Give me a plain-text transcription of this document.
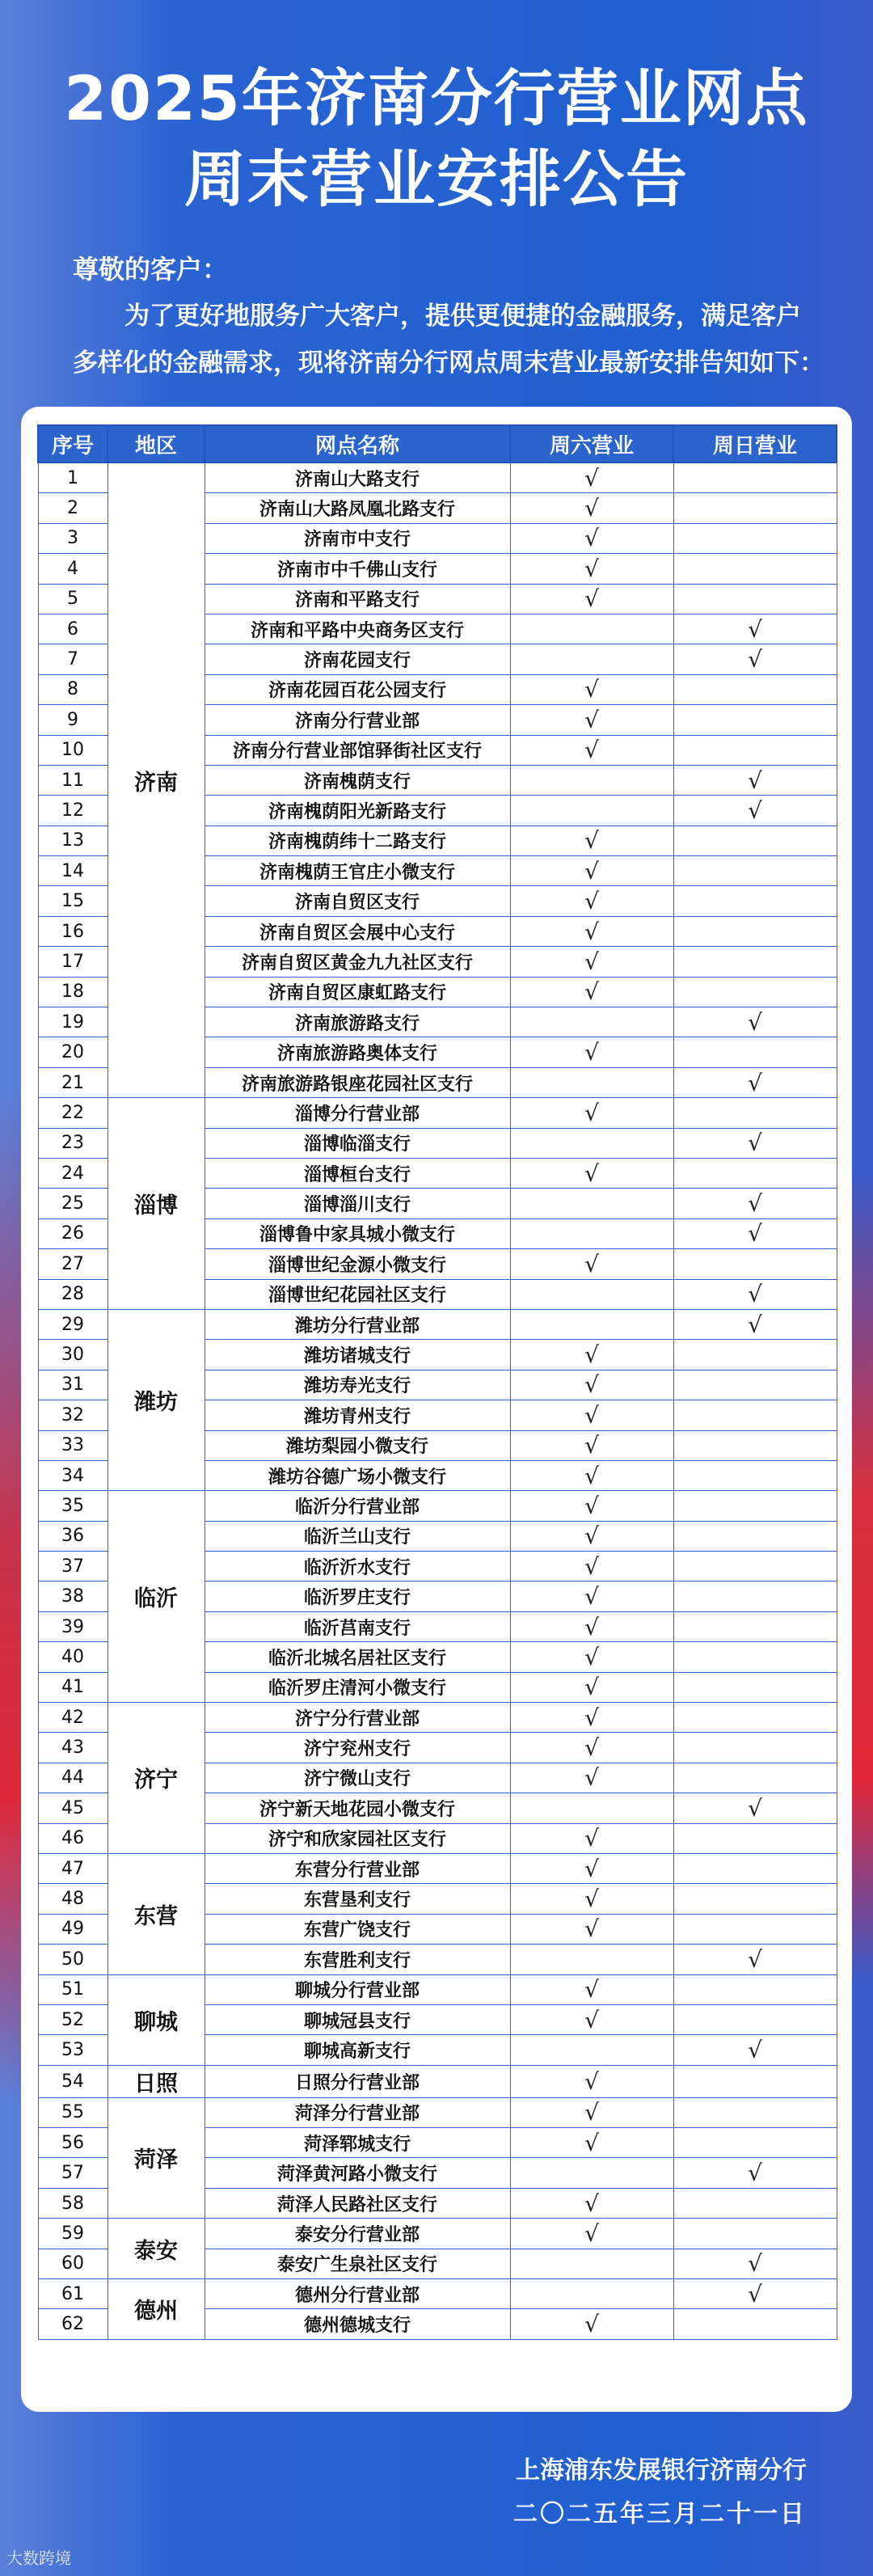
2025年济南分行营业网点
周末营业安排公告
尊敬的客户：
为了更好地服务广大客户，提供更便捷的金融服务，满足客户多样化的金融需求，现将济南分行网点周末营业最新安排告知如下：
序号	地区	网点名称	周六营业	周日营业
1	济南	济南山大路支行	√	
2		济南山大路凤凰北路支行	√	
3		济南市中支行	√	
4		济南市中千佛山支行	√	
5		济南和平路支行	√	
6		济南和平路中央商务区支行		√
7		济南花园支行		√
8		济南花园百花公园支行	√	
9		济南分行营业部	√	
10		济南分行营业部馆驿街社区支行	√	
11		济南槐荫支行		√
12		济南槐荫阳光新路支行		√
13		济南槐荫纬十二路支行	√	
14		济南槐荫王官庄小微支行	√	
15		济南自贸区支行	√	
16		济南自贸区会展中心支行	√	
17		济南自贸区黄金九九社区支行	√	
18		济南自贸区康虹路支行	√	
19		济南旅游路支行		√
20		济南旅游路奥体支行	√	
21		济南旅游路银座花园社区支行		√
22	淄博	淄博分行营业部	√	
23		淄博临淄支行		√
24		淄博桓台支行	√	
25		淄博淄川支行		√
26		淄博鲁中家具城小微支行		√
27		淄博世纪金源小微支行	√	
28		淄博世纪花园社区支行		√
29	潍坊	潍坊分行营业部		√
30		潍坊诸城支行	√	
31		潍坊寿光支行	√	
32		潍坊青州支行	√	
33		潍坊梨园小微支行	√	
34		潍坊谷德广场小微支行	√	
35	临沂	临沂分行营业部	√	
36		临沂兰山支行	√	
37		临沂沂水支行	√	
38		临沂罗庄支行	√	
39		临沂莒南支行	√	
40		临沂北城名居社区支行	√	
41		临沂罗庄清河小微支行	√	
42	济宁	济宁分行营业部	√	
43		济宁兖州支行	√	
44		济宁微山支行	√	
45		济宁新天地花园小微支行		√
46		济宁和欣家园社区支行	√	
47	东营	东营分行营业部	√	
48		东营垦利支行	√	
49		东营广饶支行	√	
50		东营胜利支行		√
51	聊城	聊城分行营业部	√	
52		聊城冠县支行	√	
53		聊城高新支行		√
54	日照	日照分行营业部	√	
55	菏泽	菏泽分行营业部	√	
56		菏泽郓城支行	√	
57		菏泽黄河路小微支行		√
58		菏泽人民路社区支行	√	
59	泰安	泰安分行营业部	√	
60		泰安广生泉社区支行		√
61	德州	德州分行营业部		√
62		德州德城支行	√	
上海浦东发展银行济南分行
二〇二五年三月二十一日
大数跨境
